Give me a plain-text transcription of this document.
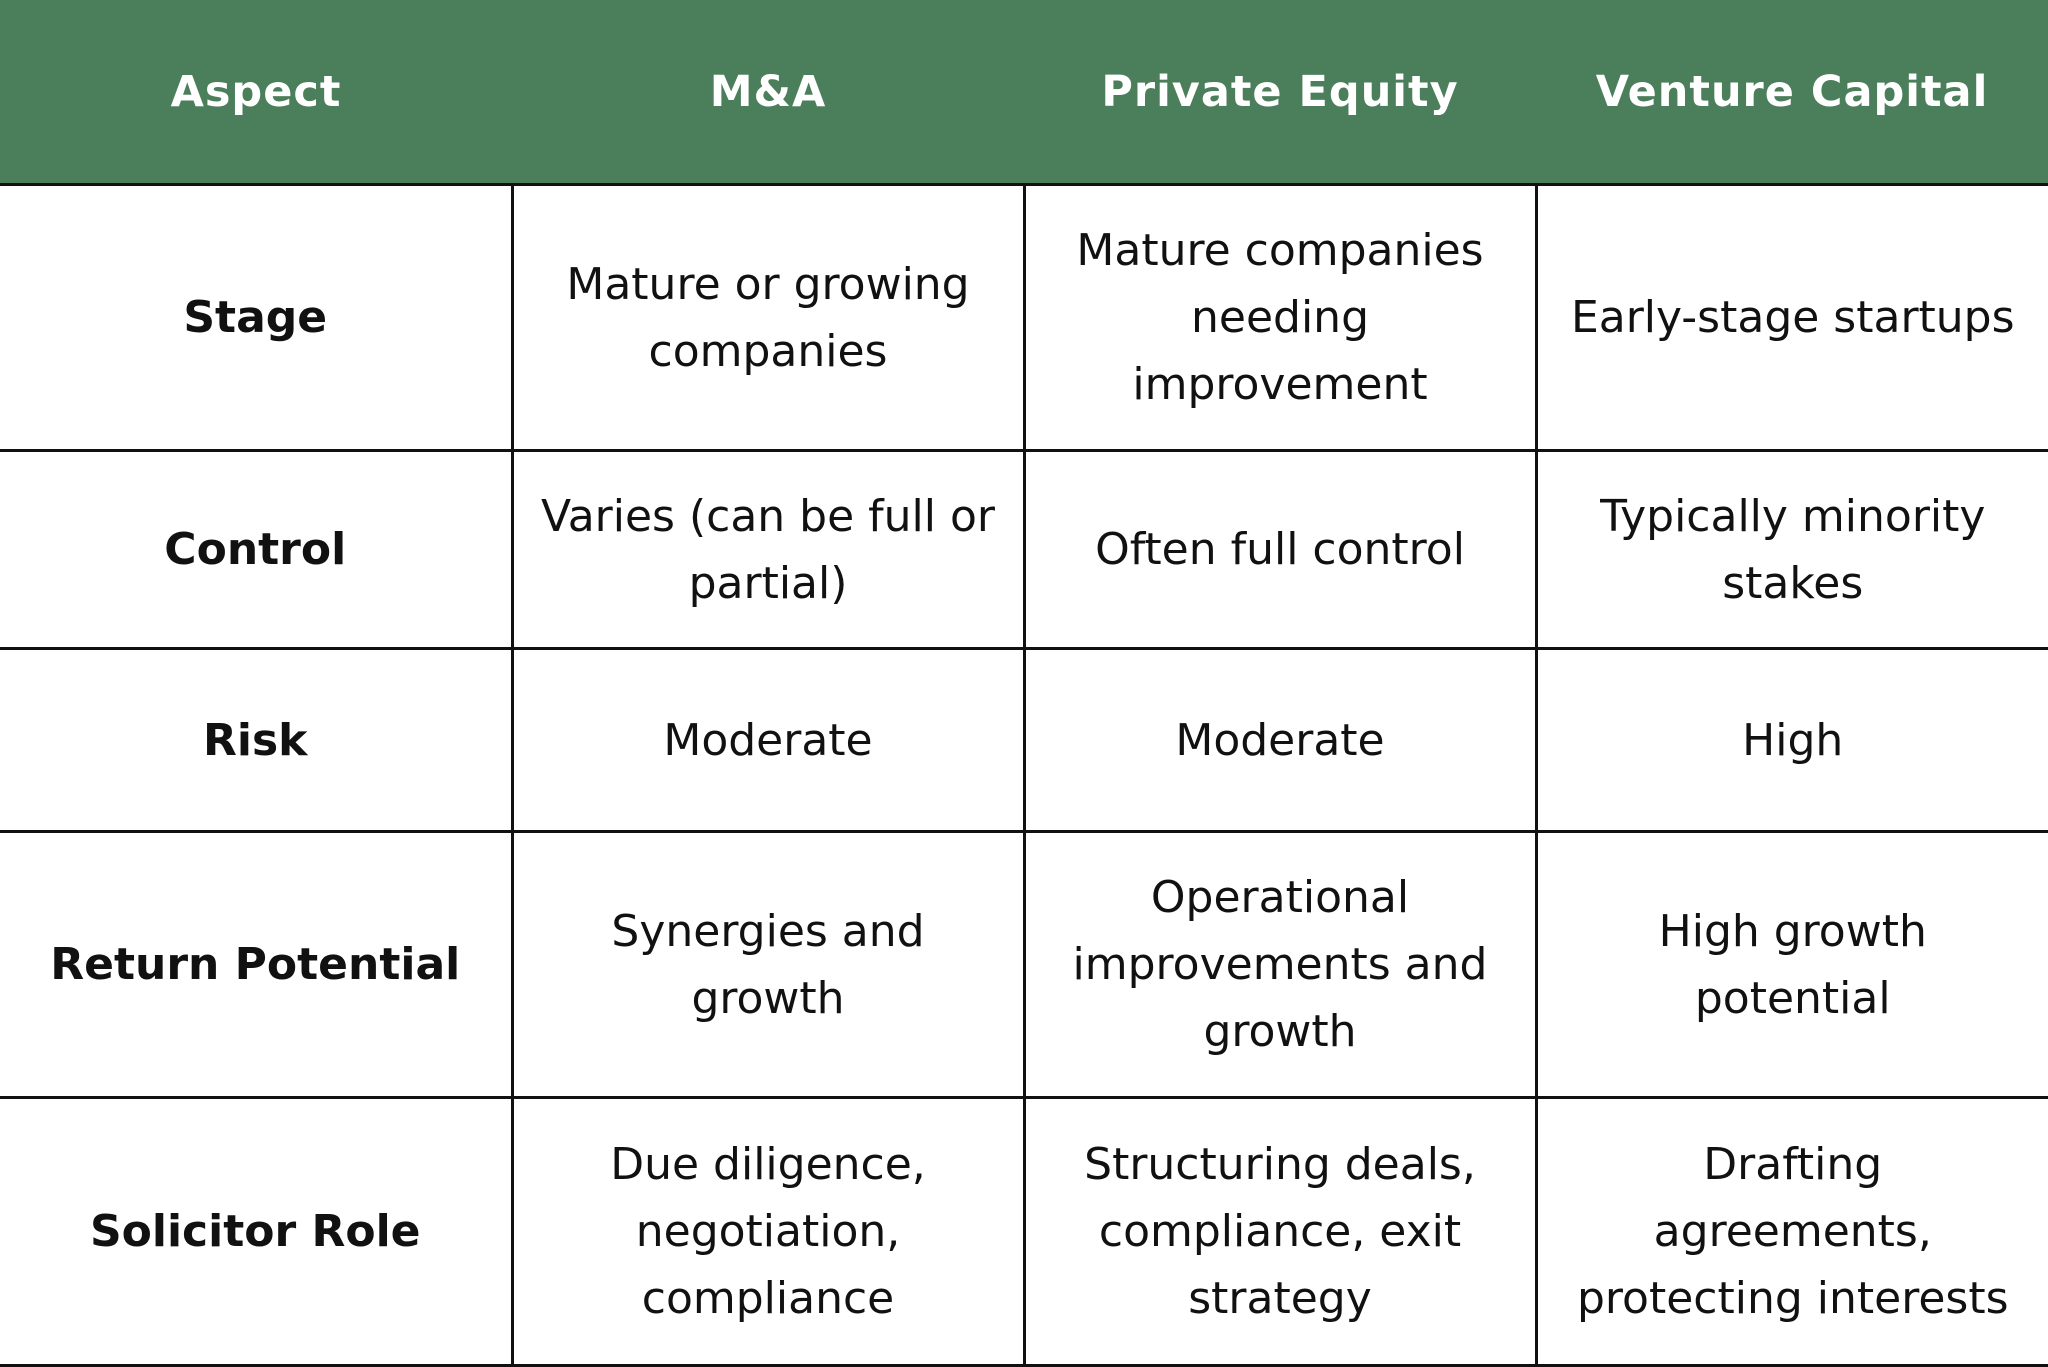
Aspect	M&A	Private Equity	Venture Capital
Stage	Mature or growing companies	Mature companies needing improvement	Early-stage startups
Control	Varies (can be full or partial)	Often full control	Typically minority stakes
Risk	Moderate	Moderate	High
Return Potential	Synergies and growth	Operational improvements and growth	High growth potential
Solicitor Role	Due diligence, negotiation, compliance	Structuring deals, compliance, exit strategy	Drafting agreements, protecting interests
